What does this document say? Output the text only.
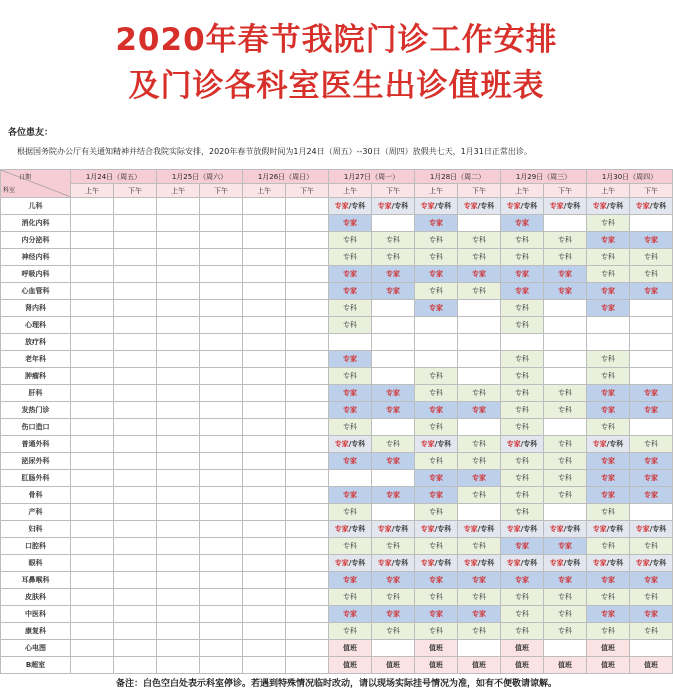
2020年春节我院门诊工作安排
及门诊各科室医生出诊值班表
各位患友：
根据国务院办公厅有关通知精神并结合我院实际安排，2020年春节放假时间为1月24日（周五）--30日（周四）放假共七天，1月31日正常出诊。
日期
科室	1月24日（周五）		1月25日（周六）		1月26日（周日）		1月27日（周一）		1月28日（周二）		1月29日（周三）		1月30日（周四）	
	上午	下午	上午	下午	上午	下午	上午	下午	上午	下午	上午	下午	上午	下午
儿科							专家/专科	专家/专科	专家/专科	专家/专科	专家/专科	专家/专科	专家/专科	专家/专科
消化内科							专家		专家		专家		专科	
内分泌科							专科	专科	专科	专科	专科	专科	专家	专家
神经内科							专科	专科	专科	专科	专科	专科	专科	专科
呼吸内科							专家	专家	专家	专家	专家	专家	专科	专科
心血管科							专家	专家	专科	专科	专家	专家	专家	专家
肾内科							专科		专家		专科		专家	
心理科							专科				专科			
放疗科														
老年科							专家				专科		专科	
肿瘤科							专科		专科		专科		专科	
肝科							专家	专家	专科	专科	专科	专科	专家	专家
发热门诊							专家	专家	专家	专家	专科	专科	专家	专家
伤口造口							专科		专科		专科		专科	
普通外科							专家/专科	专科	专家/专科	专科	专家/专科	专科	专家/专科	专科
泌尿外科							专家	专家	专科	专科	专科	专科	专家	专家
肛肠外科									专家	专家	专科	专科	专家	专家
骨科							专家	专家	专家	专科	专科	专科	专家	专家
产科							专科		专科		专科		专科	
妇科							专家/专科	专家/专科	专家/专科	专家/专科	专家/专科	专家/专科	专家/专科	专家/专科
口腔科							专科	专科	专科	专科	专家	专家	专科	专科
眼科							专家/专科	专家/专科	专家/专科	专家/专科	专家/专科	专家/专科	专家/专科	专家/专科
耳鼻喉科							专家	专家	专家	专家	专家	专家	专家	专家
皮肤科							专科	专科	专科	专科	专科	专科	专科	专科
中医科							专家	专家	专家	专家	专科	专科	专家	专家
康复科							专科	专科	专科	专科	专科	专科	专科	专科
心电图							值班		值班		值班		值班	
B超室							值班	值班	值班	值班	值班	值班	值班	值班
备注：白色空白处表示科室停诊。若遇到特殊情况临时改动，请以现场实际挂号情况为准，如有不便敬请谅解。
